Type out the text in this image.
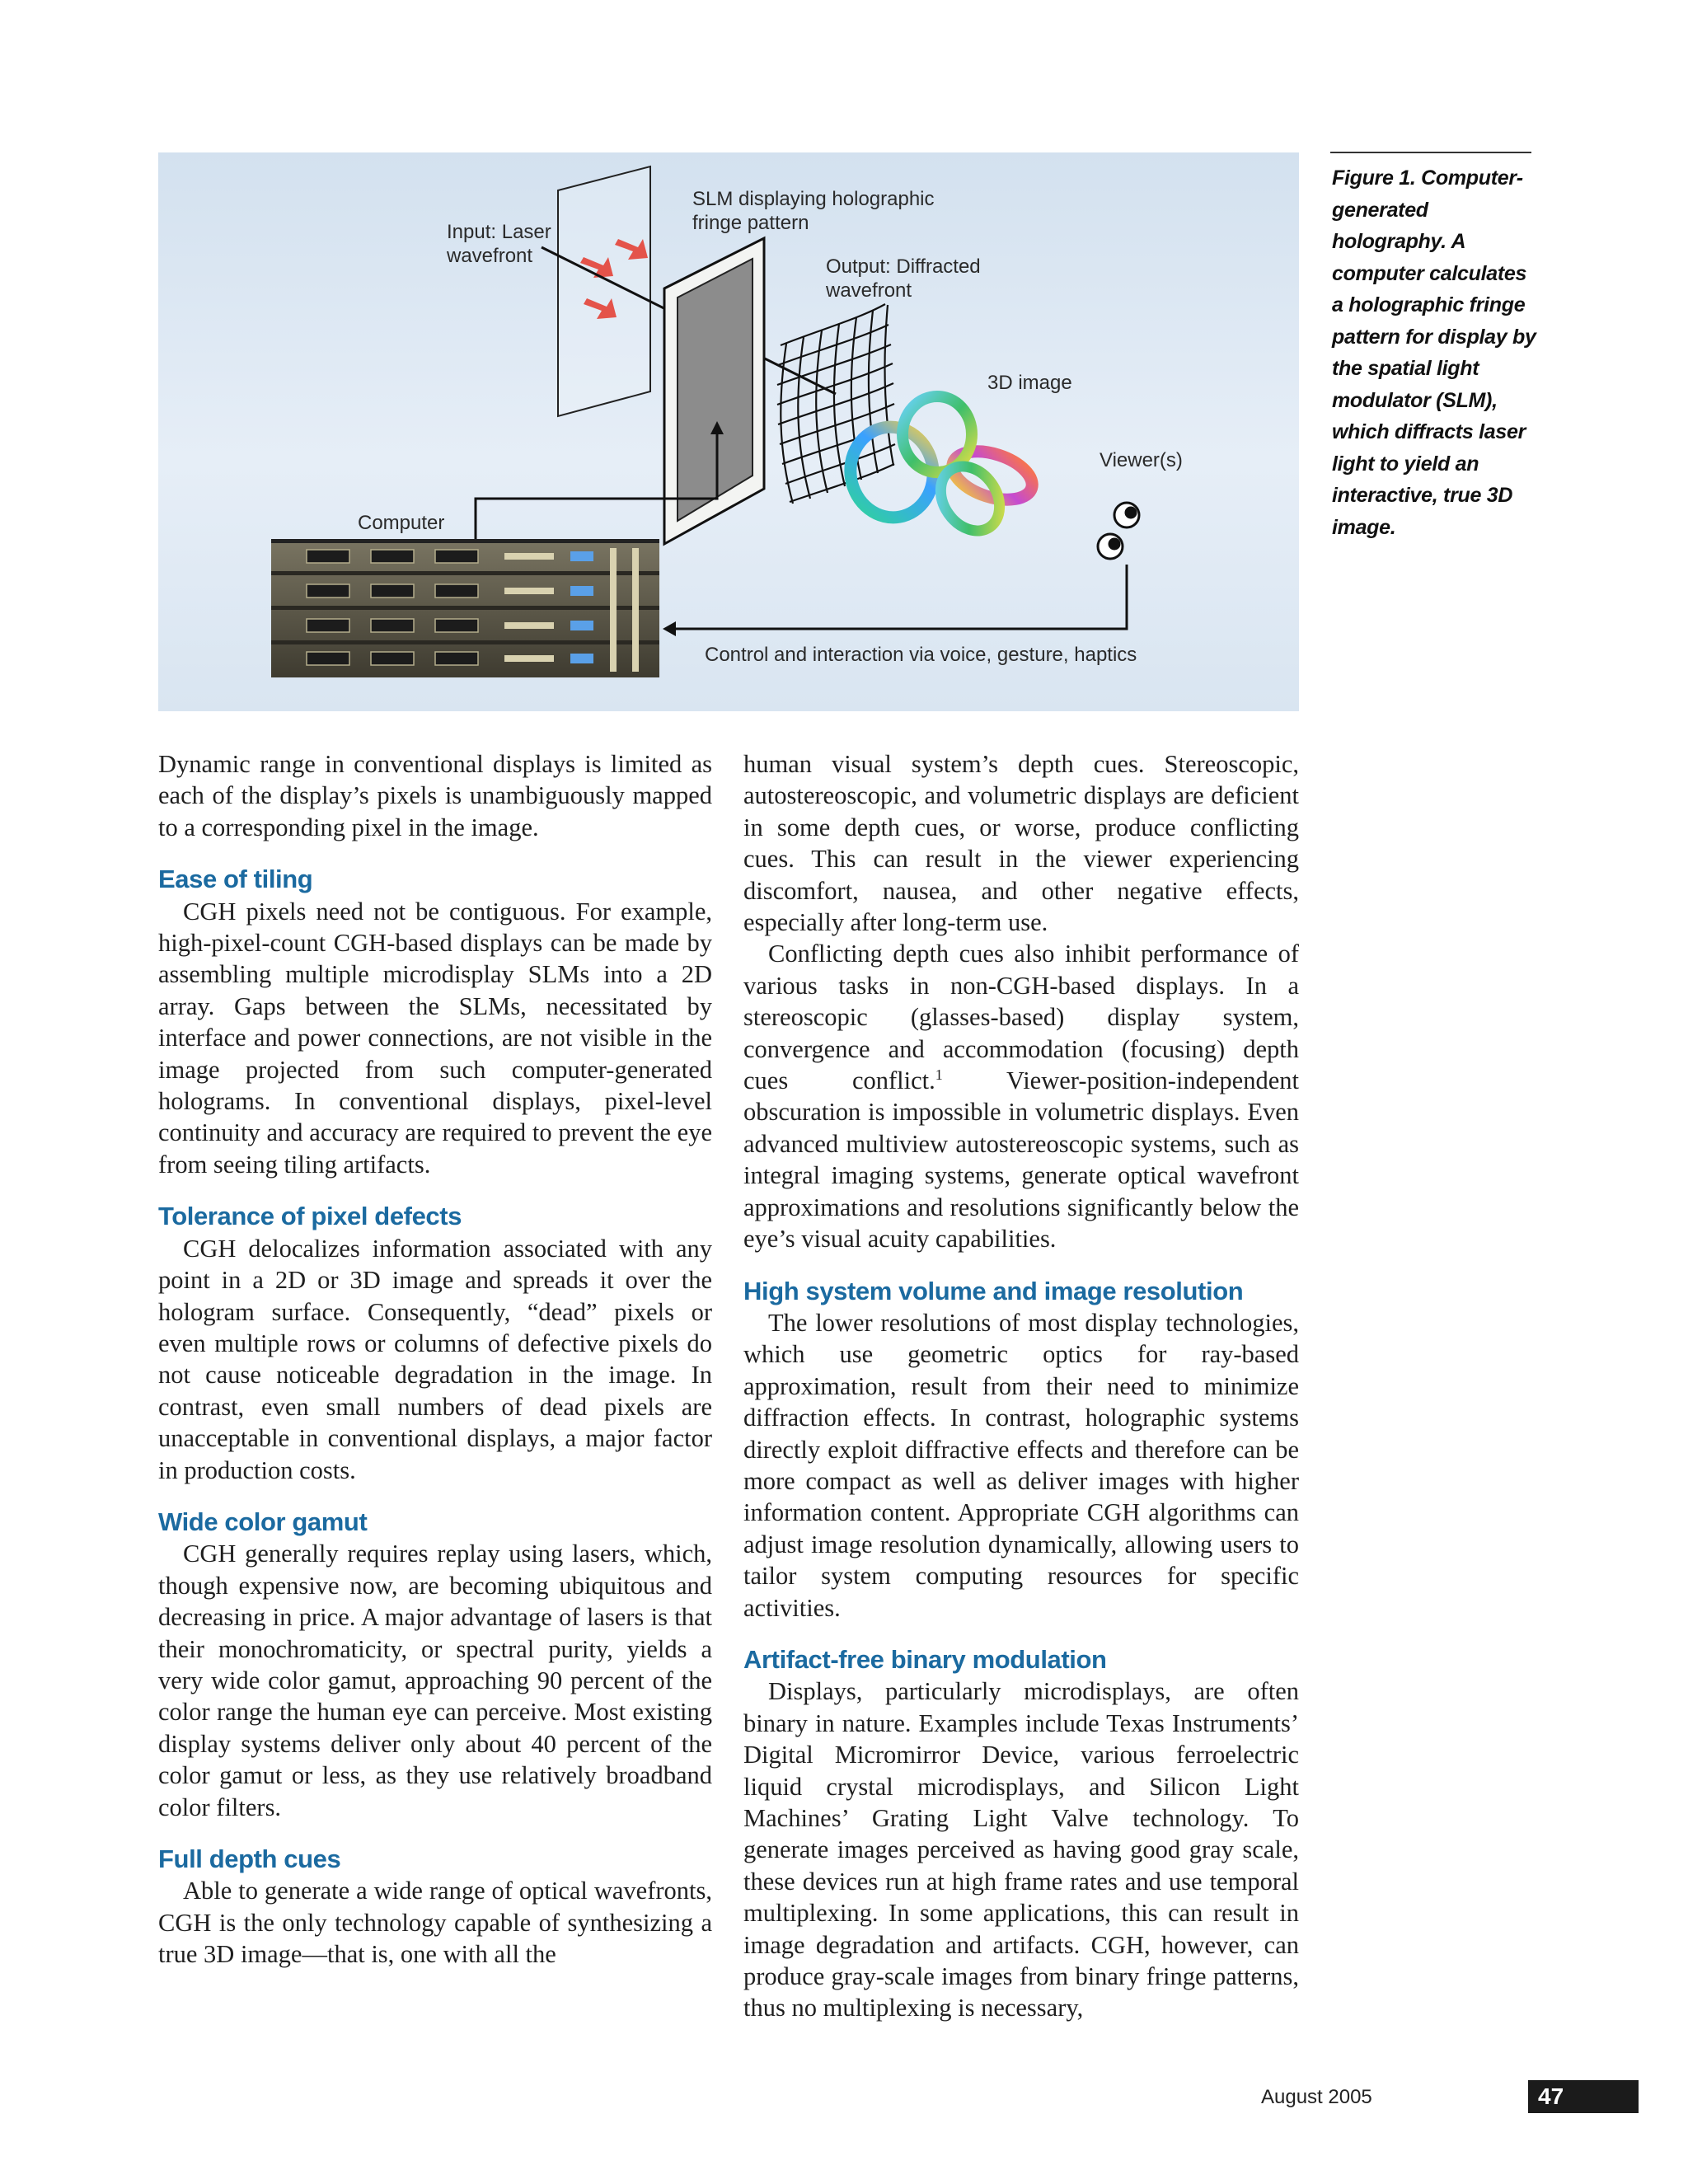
Input: Laser
wavefront
SLM displaying holographic
fringe pattern
Output: Diffracted
wavefront
3D image
Viewer(s)
Computer
Control and interaction via voice, gesture, haptics
Figure 1. Computer-generated holography. A computer calculates a holographic fringe pattern for display by the spatial light modulator (SLM), which diffracts laser light to yield an interactive, true 3D image.

Dynamic range in conventional displays is limited as each of the display’s pixels is unambiguously mapped to a corresponding pixel in the image.

Ease of tiling

CGH pixels need not be contiguous. For example, high-pixel-count CGH-based displays can be made by assembling multiple microdisplay SLMs into a 2D array. Gaps between the SLMs, necessitated by interface and power connections, are not visible in the image projected from such computer-generated holograms. In conventional displays, pixel-level continuity and accuracy are required to prevent the eye from seeing tiling artifacts.

Tolerance of pixel defects

CGH delocalizes information associated with any point in a 2D or 3D image and spreads it over the hologram surface. Consequently, “dead” pixels or even multiple rows or columns of defective pixels do not cause noticeable degradation in the image. In contrast, even small numbers of dead pixels are unacceptable in conventional displays, a major factor in production costs.

Wide color gamut

CGH generally requires replay using lasers, which, though expensive now, are becoming ubiquitous and decreasing in price. A major advantage of lasers is that their monochromaticity, or spectral purity, yields a very wide color gamut, approaching 90 percent of the color range the human eye can perceive. Most existing display systems deliver only about 40 percent of the color gamut or less, as they use relatively broadband color filters.

Full depth cues

Able to generate a wide range of optical wavefronts, CGH is the only technology capable of synthesizing a true 3D image—that is, one with all the

human visual system’s depth cues. Stereoscopic, autostereoscopic, and volumetric displays are deficient in some depth cues, or worse, produce conflicting cues. This can result in the viewer experiencing discomfort, nausea, and other negative effects, especially after long-term use.

Conflicting depth cues also inhibit performance of various tasks in non-CGH-based displays. In a stereoscopic (glasses-based) display system, convergence and accommodation (focusing) depth cues conflict.$^1$ Viewer-position-independent obscuration is impossible in volumetric displays. Even advanced multiview autostereoscopic systems, such as integral imaging systems, generate optical wavefront approximations and resolutions significantly below the eye’s visual acuity capabilities.

High system volume and image resolution

The lower resolutions of most display technologies, which use geometric optics for ray-based approximation, result from their need to minimize diffraction effects. In contrast, holographic systems directly exploit diffractive effects and therefore can be more compact as well as deliver images with higher information content. Appropriate CGH algorithms can adjust image resolution dynamically, allowing users to tailor system computing resources for specific activities.

Artifact-free binary modulation

Displays, particularly microdisplays, are often binary in nature. Examples include Texas Instruments’ Digital Micromirror Device, various ferroelectric liquid crystal microdisplays, and Silicon Light Machines’ Grating Light Valve technology. To generate images perceived as having good gray scale, these devices run at high frame rates and use temporal multiplexing. In some applications, this can result in image degradation and artifacts. CGH, however, can produce gray-scale images from binary fringe patterns, thus no multiplexing is necessary,

August 2005	47
